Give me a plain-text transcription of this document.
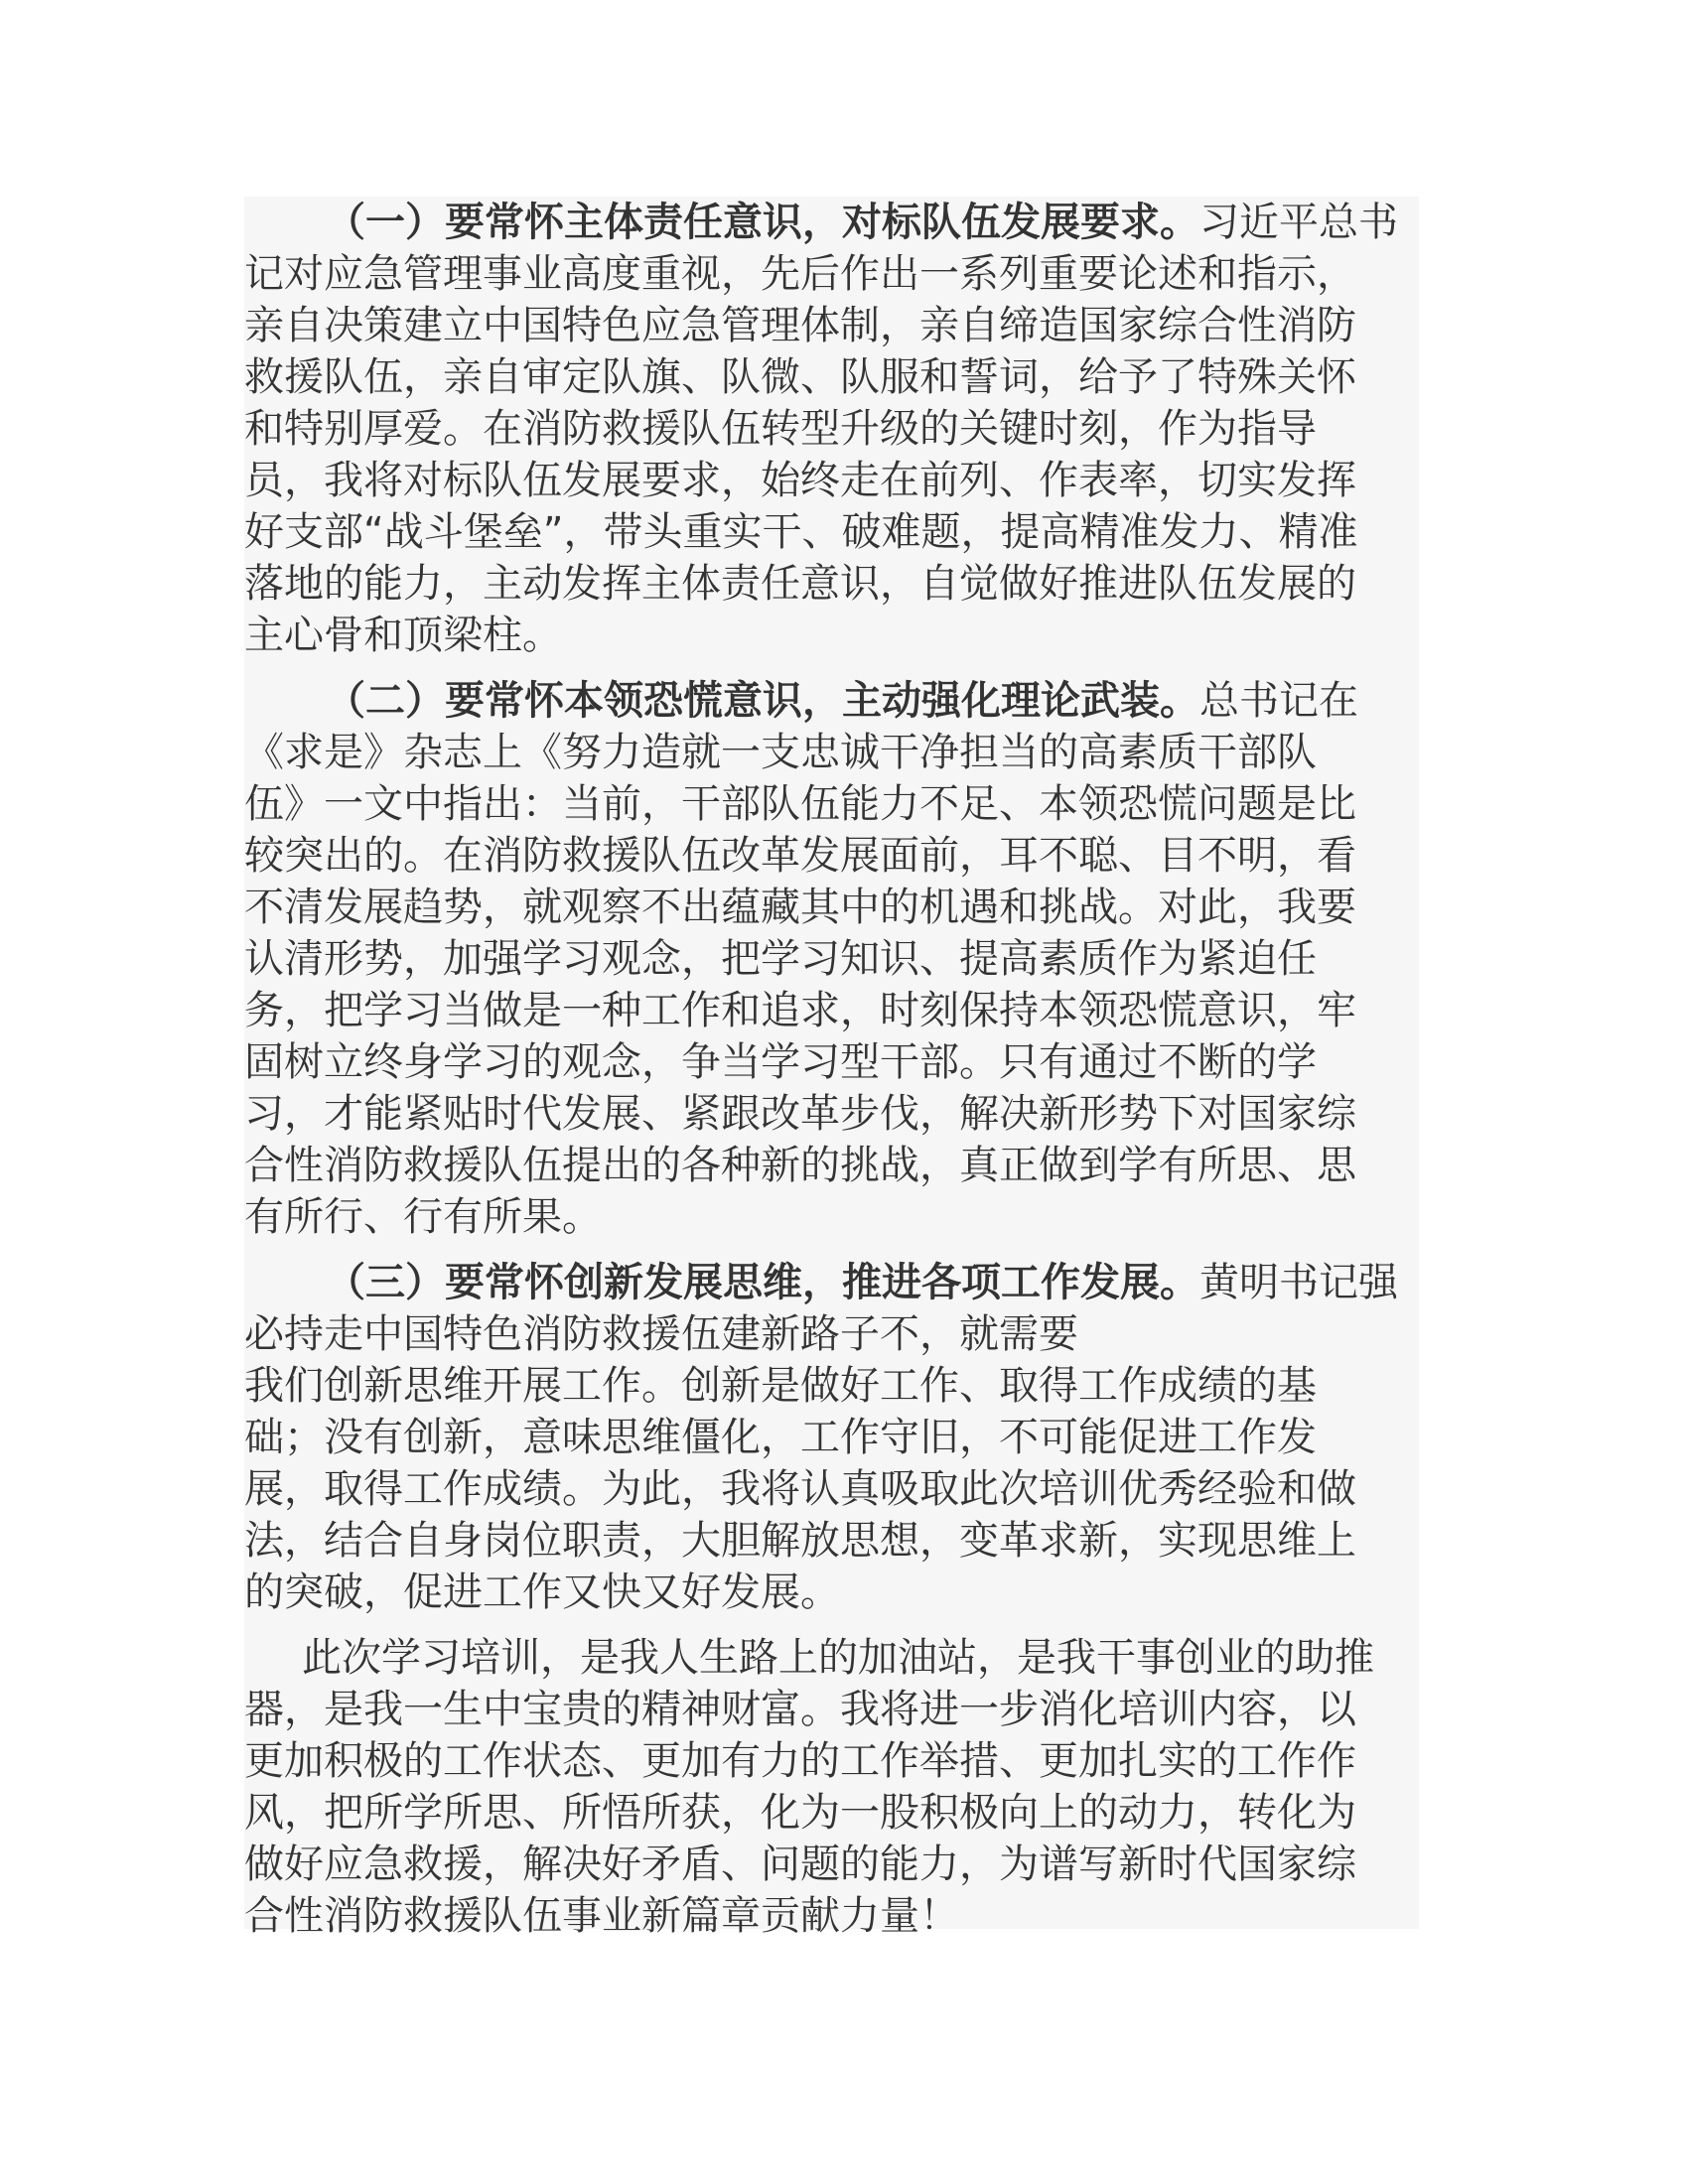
（一）要常怀主体责任意识，对标队伍发展要求。习近平总书
记对应急管理事业高度重视，先后作出一系列重要论述和指示，
亲自决策建立中国特色应急管理体制，亲自缔造国家综合性消防
救援队伍，亲自审定队旗、队微、队服和誓词，给予了特殊关怀
和特别厚爱。在消防救援队伍转型升级的关键时刻，作为指导
员，我将对标队伍发展要求，始终走在前列、作表率，切实发挥
好支部“战斗堡垒”，带头重实干、破难题，提高精准发力、精准
落地的能力，主动发挥主体责任意识，自觉做好推进队伍发展的
主心骨和顶梁柱。
（二）要常怀本领恐慌意识，主动强化理论武装。总书记在
《求是》杂志上《努力造就一支忠诚干净担当的高素质干部队
伍》一文中指出：当前，干部队伍能力不足、本领恐慌问题是比
较突出的。在消防救援队伍改革发展面前，耳不聪、目不明，看
不清发展趋势，就观察不出蕴藏其中的机遇和挑战。对此，我要
认清形势，加强学习观念，把学习知识、提高素质作为紧迫任
务，把学习当做是一种工作和追求，时刻保持本领恐慌意识，牢
固树立终身学习的观念，争当学习型干部。只有通过不断的学
习，才能紧贴时代发展、紧跟改革步伐，解决新形势下对国家综
合性消防救援队伍提出的各种新的挑战，真正做到学有所思、思
有所行、行有所果。
（三）要常怀创新发展思维，推进各项工作发展。黄明书记强
必持走中国特色消防救援伍建新路子不，就需要
我们创新思维开展工作。创新是做好工作、取得工作成绩的基
础；没有创新，意味思维僵化，工作守旧，不可能促进工作发
展，取得工作成绩。为此，我将认真吸取此次培训优秀经验和做
法，结合自身岗位职责，大胆解放思想，变革求新，实现思维上
的突破，促进工作又快又好发展。
此次学习培训，是我人生路上的加油站，是我干事创业的助推
器，是我一生中宝贵的精神财富。我将进一步消化培训内容，以
更加积极的工作状态、更加有力的工作举措、更加扎实的工作作
风，把所学所思、所悟所获，化为一股积极向上的动力，转化为
做好应急救援，解决好矛盾、问题的能力，为谱写新时代国家综
合性消防救援队伍事业新篇章贡献力量！
